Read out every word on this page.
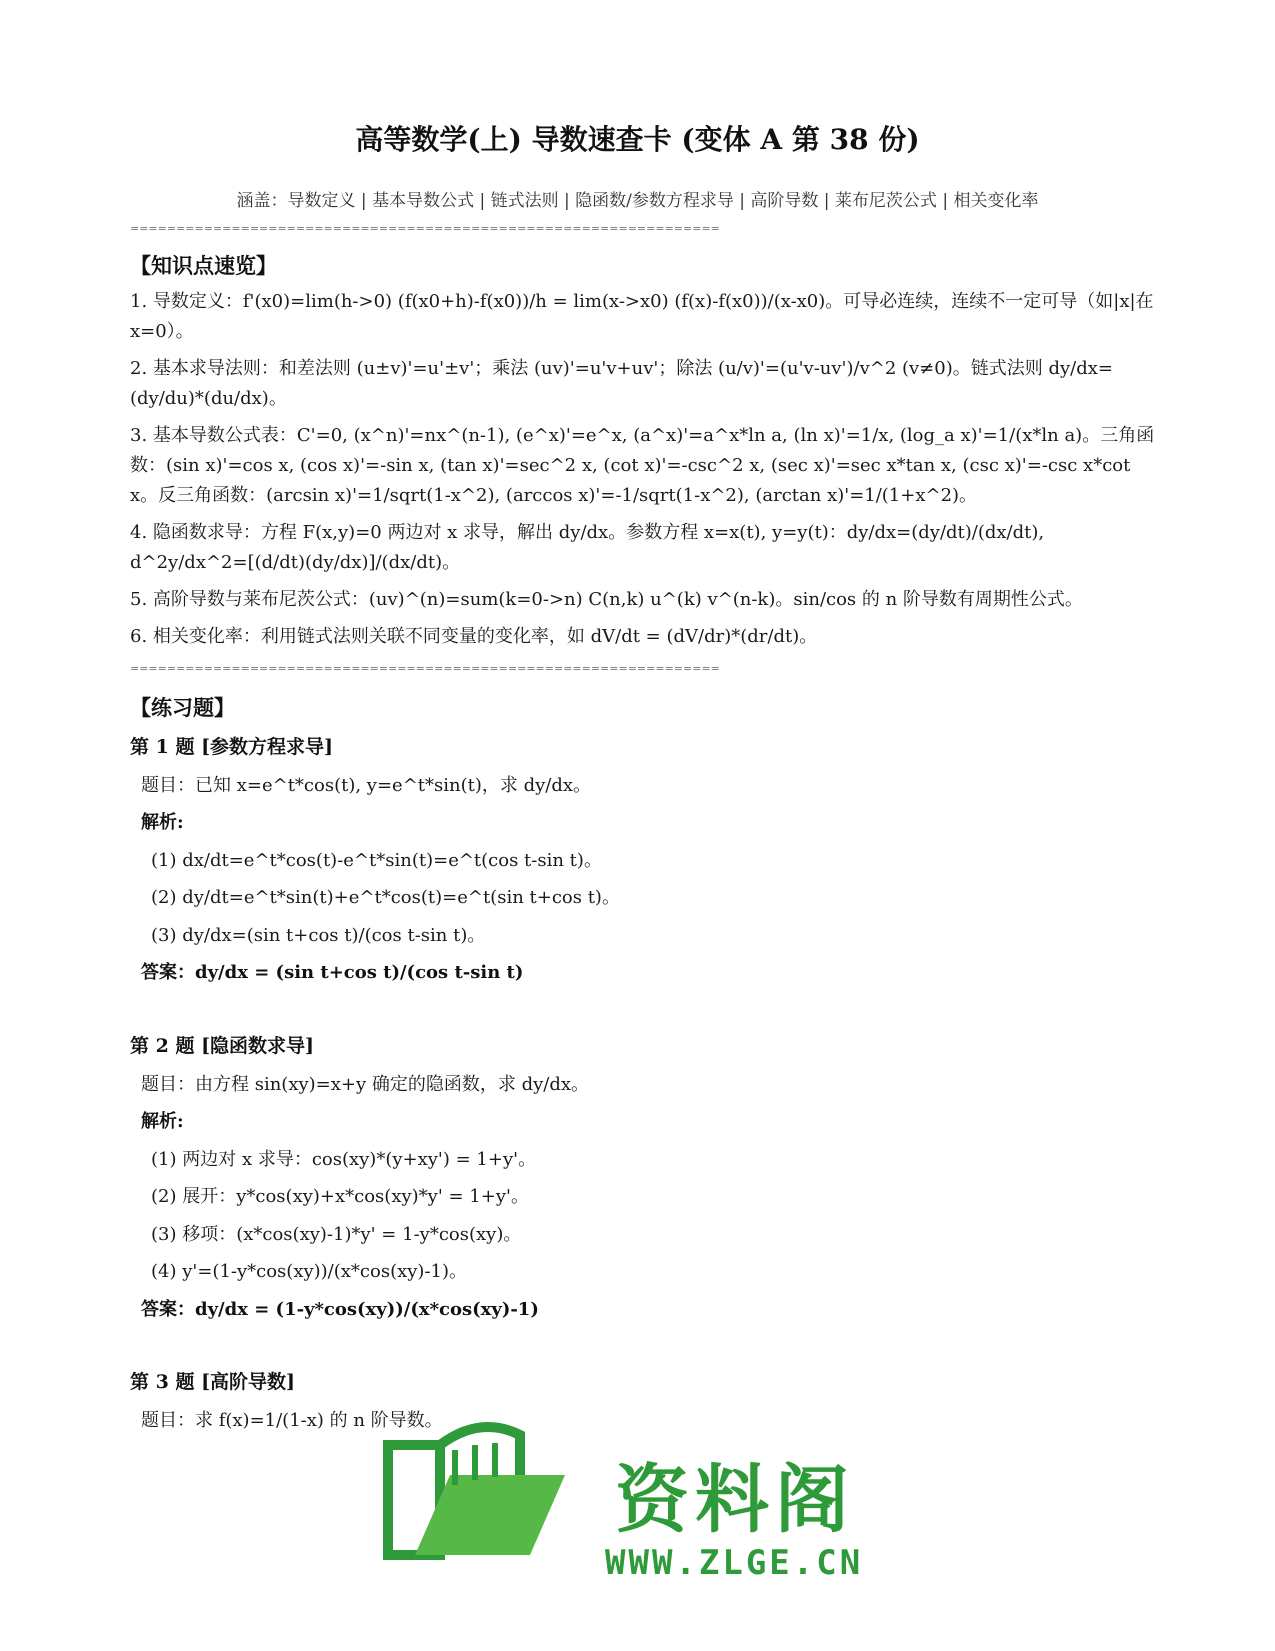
高等数学(上) 导数速查卡 (变体 A 第 38 份)
涵盖：导数定义 | 基本导数公式 | 链式法则 | 隐函数/参数方程求导 | 高阶导数 | 莱布尼茨公式 | 相关变化率
================================================================
【知识点速览】
1. 导数定义：f'(x0)=lim(h->0) (f(x0+h)-f(x0))/h = lim(x->x0) (f(x)-f(x0))/(x-x0)。可导必连续，连续不一定可导（如|x|在 x=0）。
2. 基本求导法则：和差法则 (u±v)'=u'±v'；乘法 (uv)'=u'v+uv'；除法 (u/v)'=(u'v-uv')/v^2 (v≠0)。链式法则 dy/dx=(dy/du)*(du/dx)。
3. 基本导数公式表：C'=0, (x^n)'=nx^(n-1), (e^x)'=e^x, (a^x)'=a^x*ln a, (ln x)'=1/x, (log_a x)'=1/(x*ln a)。三角函数：(sin x)'=cos x, (cos x)'=-sin x, (tan x)'=sec^2 x, (cot x)'=-csc^2 x, (sec x)'=sec x*tan x, (csc x)'=-csc x*cot x。反三角函数：(arcsin x)'=1/sqrt(1-x^2), (arccos x)'=-1/sqrt(1-x^2), (arctan x)'=1/(1+x^2)。
4. 隐函数求导：方程 F(x,y)=0 两边对 x 求导，解出 dy/dx。参数方程 x=x(t), y=y(t)：dy/dx=(dy/dt)/(dx/dt), d^2y/dx^2=[(d/dt)(dy/dx)]/(dx/dt)。
5. 高阶导数与莱布尼茨公式：(uv)^(n)=sum(k=0->n) C(n,k) u^(k) v^(n-k)。sin/cos 的 n 阶导数有周期性公式。
6. 相关变化率：利用链式法则关联不同变量的变化率，如 dV/dt = (dV/dr)*(dr/dt)。
================================================================
【练习题】
第 1 题 [参数方程求导]
题目：已知 x=e^t*cos(t), y=e^t*sin(t)，求 dy/dx。
解析:
(1) dx/dt=e^t*cos(t)-e^t*sin(t)=e^t(cos t-sin t)。
(2) dy/dt=e^t*sin(t)+e^t*cos(t)=e^t(sin t+cos t)。
(3) dy/dx=(sin t+cos t)/(cos t-sin t)。
答案：dy/dx = (sin t+cos t)/(cos t-sin t)
第 2 题 [隐函数求导]
题目：由方程 sin(xy)=x+y 确定的隐函数，求 dy/dx。
解析:
(1) 两边对 x 求导：cos(xy)*(y+xy') = 1+y'。
(2) 展开：y*cos(xy)+x*cos(xy)*y' = 1+y'。
(3) 移项：(x*cos(xy)-1)*y' = 1-y*cos(xy)。
(4) y'=(1-y*cos(xy))/(x*cos(xy)-1)。
答案：dy/dx = (1-y*cos(xy))/(x*cos(xy)-1)
第 3 题 [高阶导数]
题目：求 f(x)=1/(1-x) 的 n 阶导数。
资料阁
WWW.ZLGE.CN
